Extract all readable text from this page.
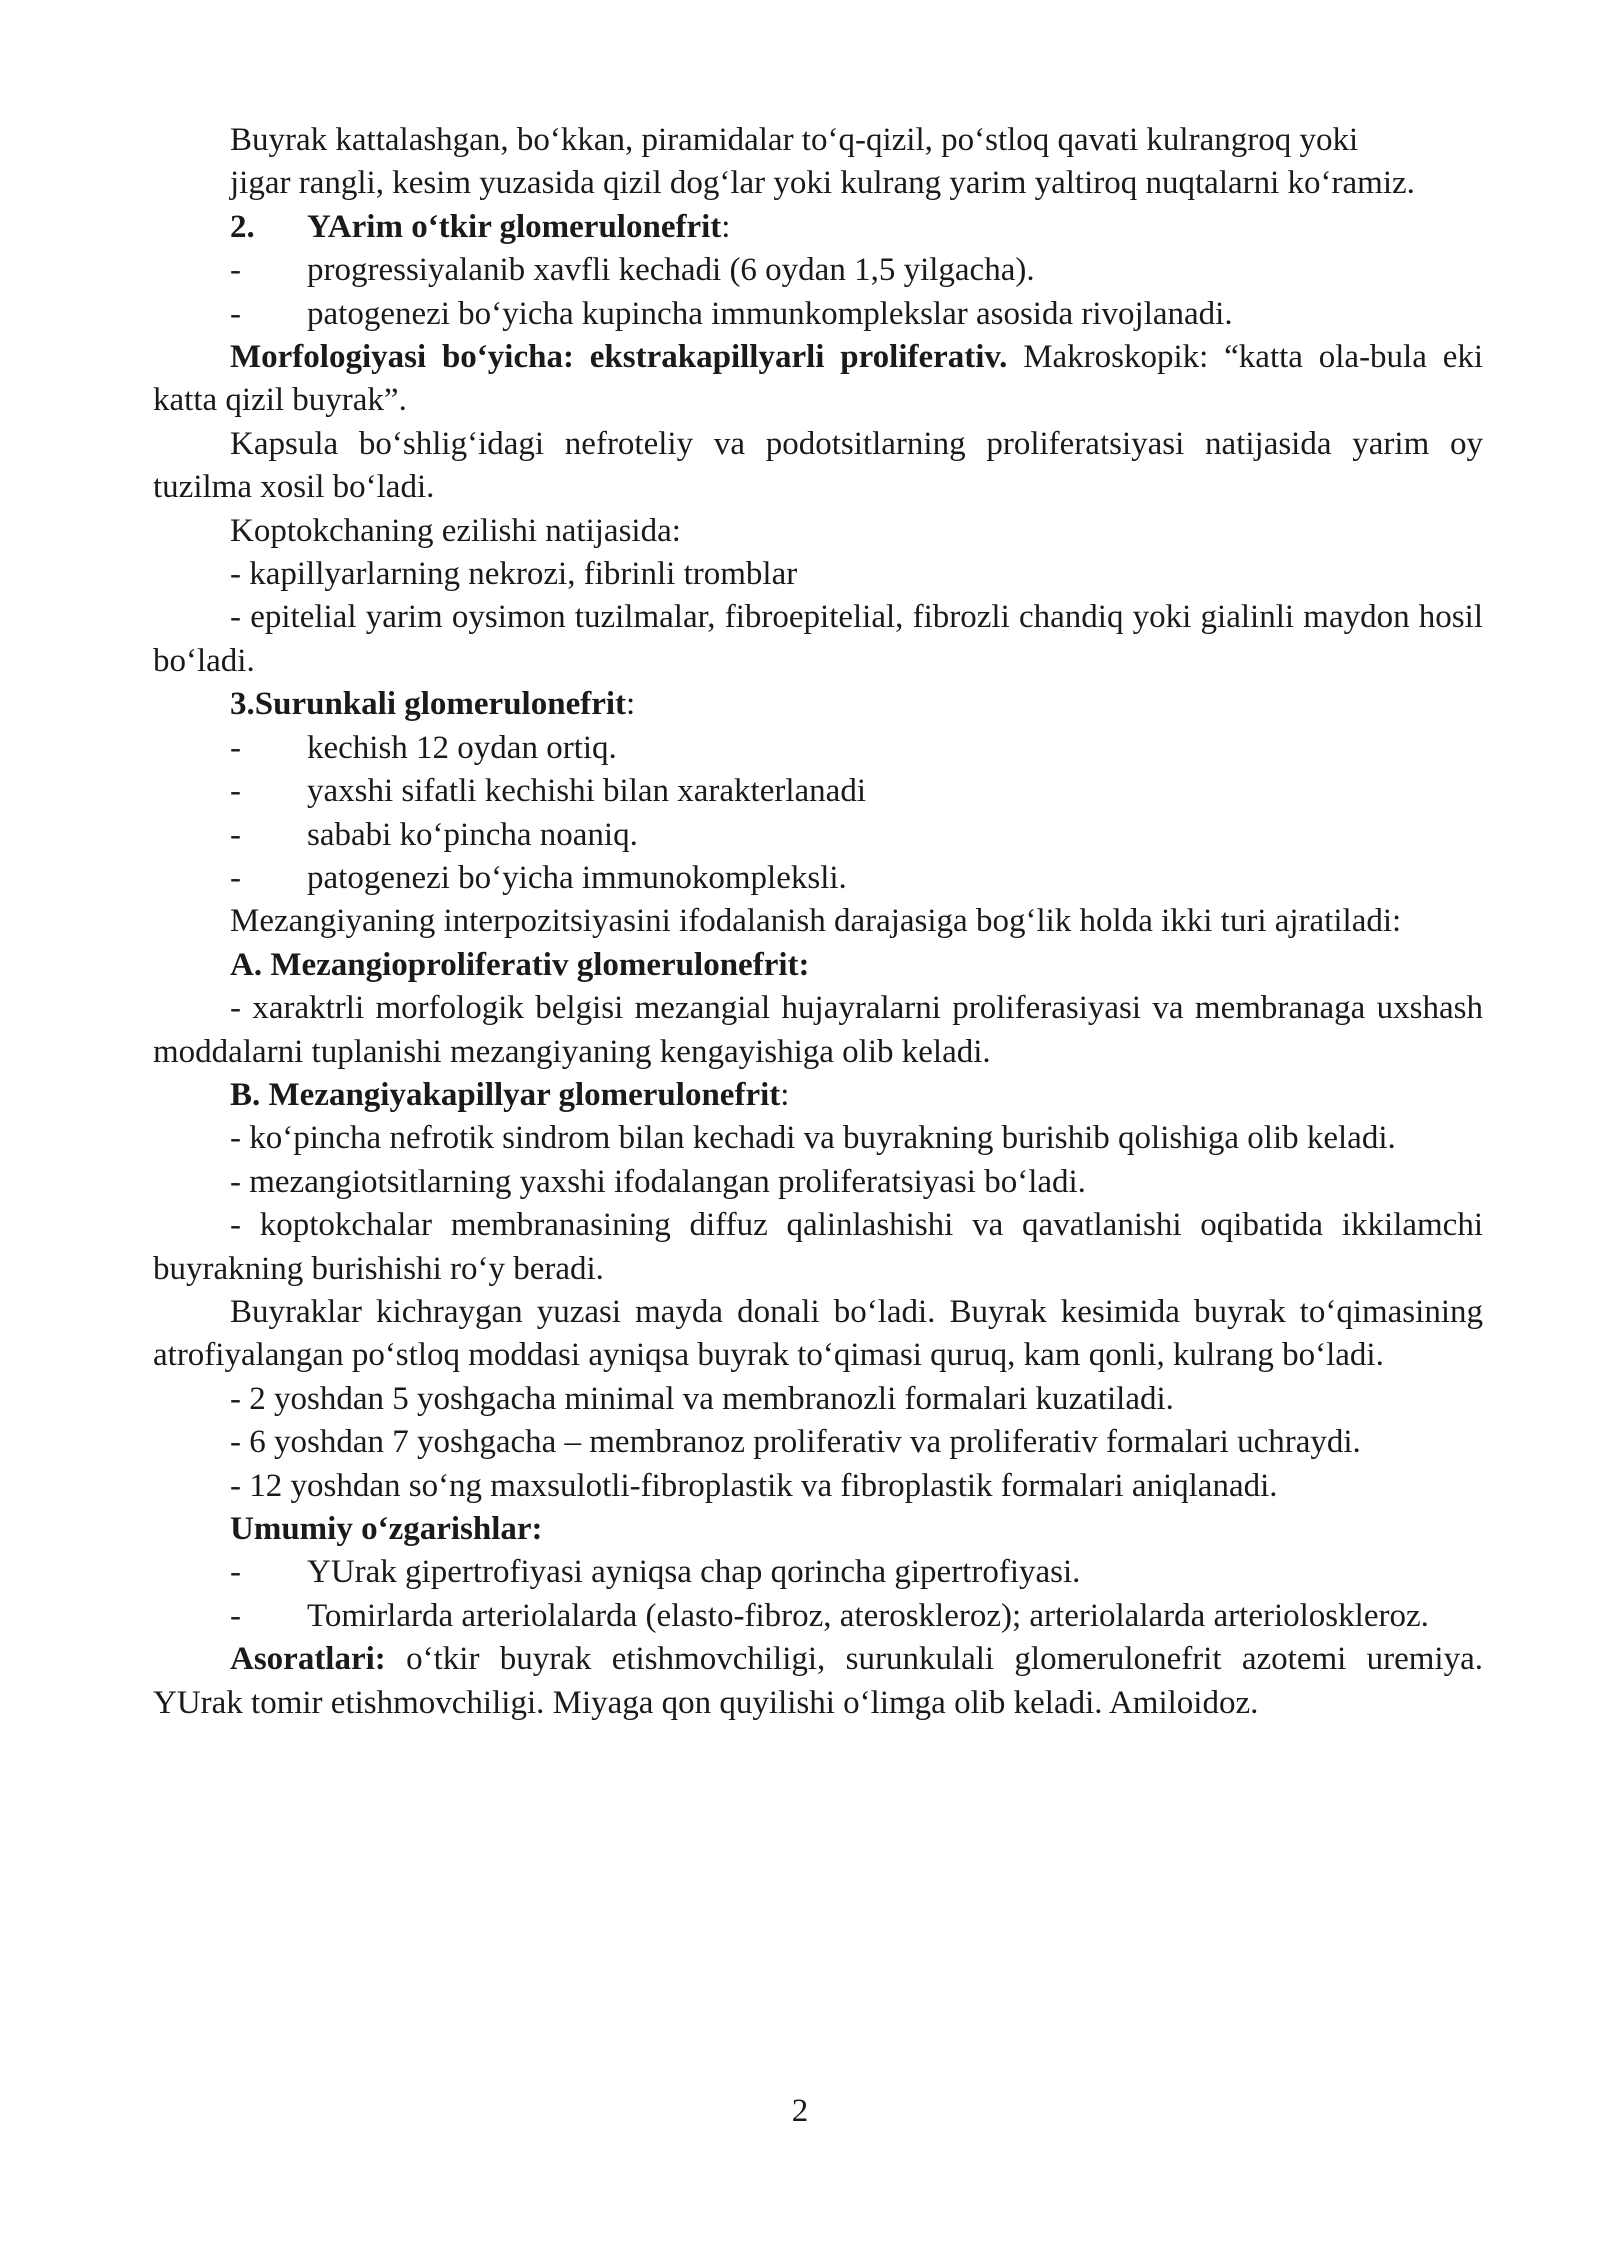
Buyrak kattalashgan, bo‘kkan, piramidalar to‘q-qizil, po‘stloq qavati kulrangroq yoki

jigar rangli, kesim yuzasida qizil dog‘lar yoki kulrang yarim yaltiroq nuqtalarni ko‘ramiz.

2. YArim o‘tkir glomerulonefrit:

-	progressiyalanib xavfli kechadi (6 oydan 1,5 yilgacha).
-	patogenezi bo‘yicha kupincha immunkomplekslar asosida rivojlanadi.

Morfologiyasi bo‘yicha: ekstrakapillyarli proliferativ. Makroskopik: “katta ola-bula eki katta qizil buyrak”.

Kapsula bo‘shlig‘idagi nefroteliy va podotsitlarning proliferatsiyasi natijasida yarim oy tuzilma xosil bo‘ladi.

Koptokchaning ezilishi natijasida:

- kapillyarlarning nekrozi, fibrinli tromblar

- epitelial yarim oysimon tuzilmalar, fibroepitelial, fibrozli chandiq yoki gialinli maydon hosil bo‘ladi.

3.Surunkali glomerulonefrit:

-	kechish 12 oydan ortiq.
-	yaxshi sifatli kechishi bilan xarakterlanadi
-	sababi ko‘pincha noaniq.
-	patogenezi bo‘yicha immunokompleksli.

Mezangiyaning interpozitsiyasini ifodalanish darajasiga bog‘lik holda ikki turi ajratiladi:

A. Mezangioproliferativ glomerulonefrit:

- xaraktrli morfologik belgisi mezangial hujayralarni proliferasiyasi va membranaga uxshash moddalarni tuplanishi mezangiyaning kengayishiga olib keladi.

B. Mezangiyakapillyar glomerulonefrit:

- ko‘pincha nefrotik sindrom bilan kechadi va buyrakning burishib qolishiga olib keladi.

- mezangiotsitlarning yaxshi ifodalangan proliferatsiyasi bo‘ladi.

- koptokchalar membranasining diffuz qalinlashishi va qavatlanishi oqibatida ikkilamchi buyrakning burishishi ro‘y beradi.

Buyraklar kichraygan yuzasi mayda donali bo‘ladi. Buyrak kesimida buyrak to‘qimasining atrofiyalangan po‘stloq moddasi ayniqsa buyrak to‘qimasi quruq, kam qonli, kulrang bo‘ladi.

- 2 yoshdan 5 yoshgacha minimal va membranozli formalari kuzatiladi.

- 6 yoshdan 7 yoshgacha – membranoz proliferativ va proliferativ formalari uchraydi.

- 12 yoshdan so‘ng maxsulotli-fibroplastik va fibroplastik formalari aniqlanadi.

Umumiy o‘zgarishlar:

-	YUrak gipertrofiyasi ayniqsa chap qorincha gipertrofiyasi.

- Tomirlarda arteriolalarda (elasto-fibroz, ateroskleroz); arteriolalarda arterioloskleroz.

Asoratlari: o‘tkir buyrak etishmovchiligi, surunkulali glomerulonefrit azotemi uremiya. YUrak tomir etishmovchiligi. Miyaga qon quyilishi o‘limga olib keladi. Amiloidoz.

2
